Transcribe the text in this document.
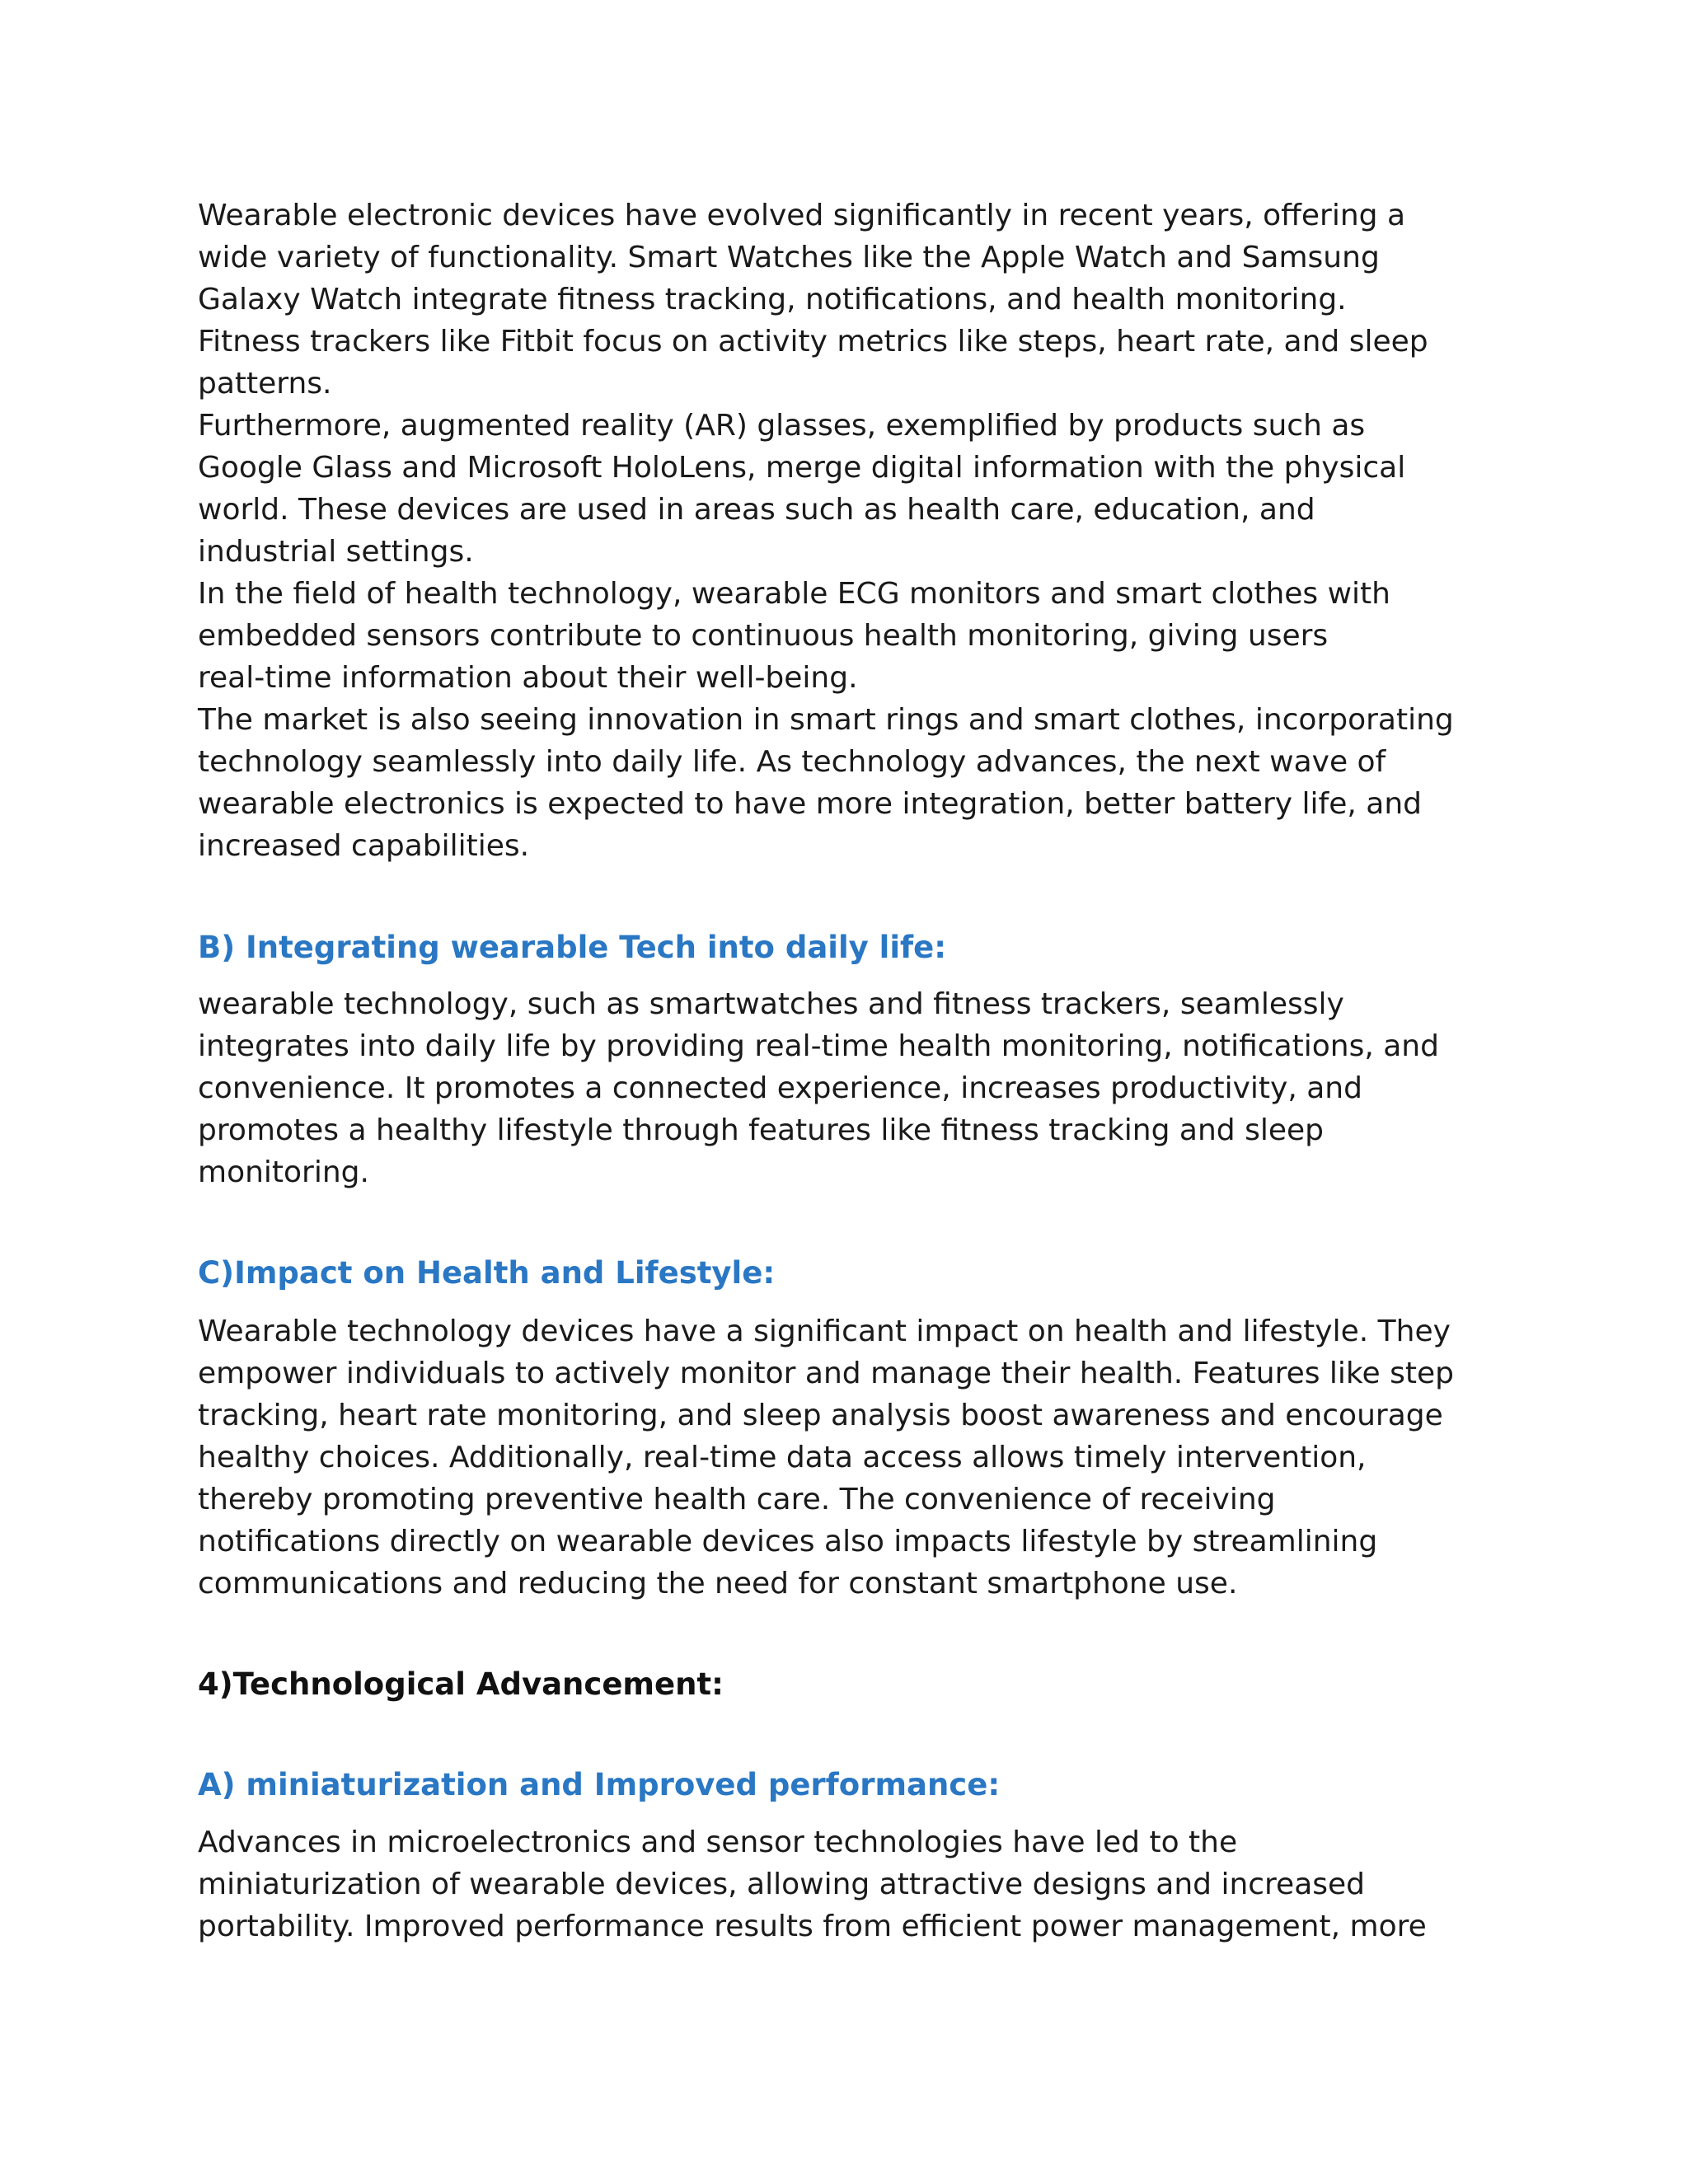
Wearable electronic devices have evolved significantly in recent years, offering a
wide variety of functionality. Smart Watches like the Apple Watch and Samsung
Galaxy Watch integrate fitness tracking, notifications, and health monitoring.
Fitness trackers like Fitbit focus on activity metrics like steps, heart rate, and sleep
patterns.

Furthermore, augmented reality (AR) glasses, exemplified by products such as
Google Glass and Microsoft HoloLens, merge digital information with the physical
world. These devices are used in areas such as health care, education, and
industrial settings.

In the field of health technology, wearable ECG monitors and smart clothes with
embedded sensors contribute to continuous health monitoring, giving users
real-time information about their well-being.

The market is also seeing innovation in smart rings and smart clothes, incorporating
technology seamlessly into daily life. As technology advances, the next wave of
wearable electronics is expected to have more integration, better battery life, and
increased capabilities.

B) Integrating wearable Tech into daily life:

wearable technology, such as smartwatches and fitness trackers, seamlessly
integrates into daily life by providing real-time health monitoring, notifications, and
convenience. It promotes a connected experience, increases productivity, and
promotes a healthy lifestyle through features like fitness tracking and sleep
monitoring.

C)Impact on Health and Lifestyle:

Wearable technology devices have a significant impact on health and lifestyle. They
empower individuals to actively monitor and manage their health. Features like step
tracking, heart rate monitoring, and sleep analysis boost awareness and encourage
healthy choices. Additionally, real-time data access allows timely intervention,
thereby promoting preventive health care. The convenience of receiving
notifications directly on wearable devices also impacts lifestyle by streamlining
communications and reducing the need for constant smartphone use.

4)Technological Advancement:
A) miniaturization and Improved performance:

Advances in microelectronics and sensor technologies have led to the
miniaturization of wearable devices, allowing attractive designs and increased
portability. Improved performance results from efficient power management, more
